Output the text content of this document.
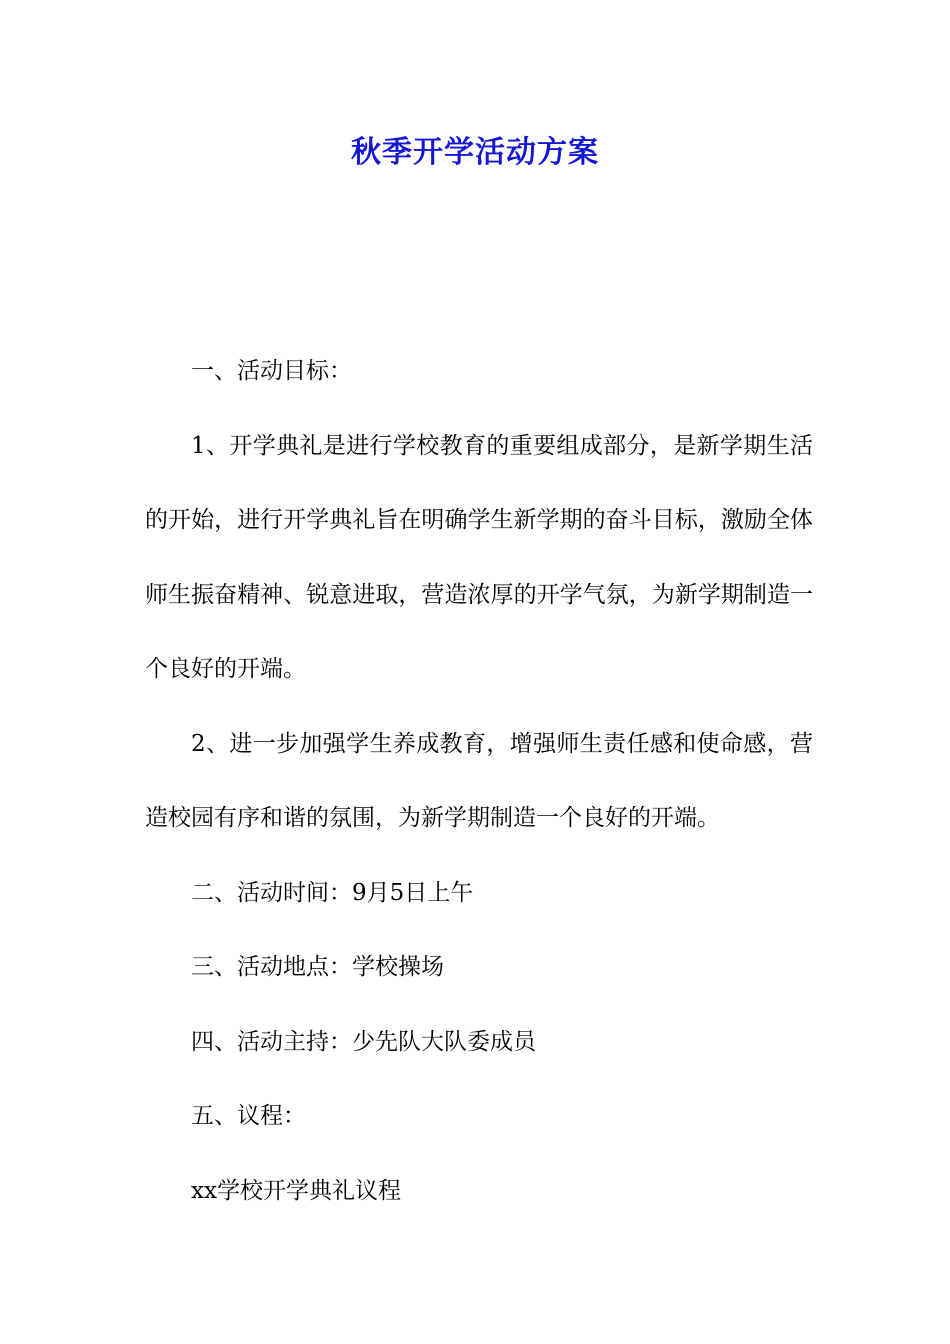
秋季开学活动方案

一、活动目标：

1、开学典礼是进行学校教育的重要组成部分，是新学期生活的开始，进行开学典礼旨在明确学生新学期的奋斗目标，激励全体师生振奋精神、锐意进取，营造浓厚的开学气氛，为新学期制造一个良好的开端。

2、进一步加强学生养成教育，增强师生责任感和使命感，营造校园有序和谐的氛围，为新学期制造一个良好的开端。

二、活动时间：9月5日上午

三、活动地点：学校操场

四、活动主持：少先队大队委成员

五、议程：

xx学校开学典礼议程
